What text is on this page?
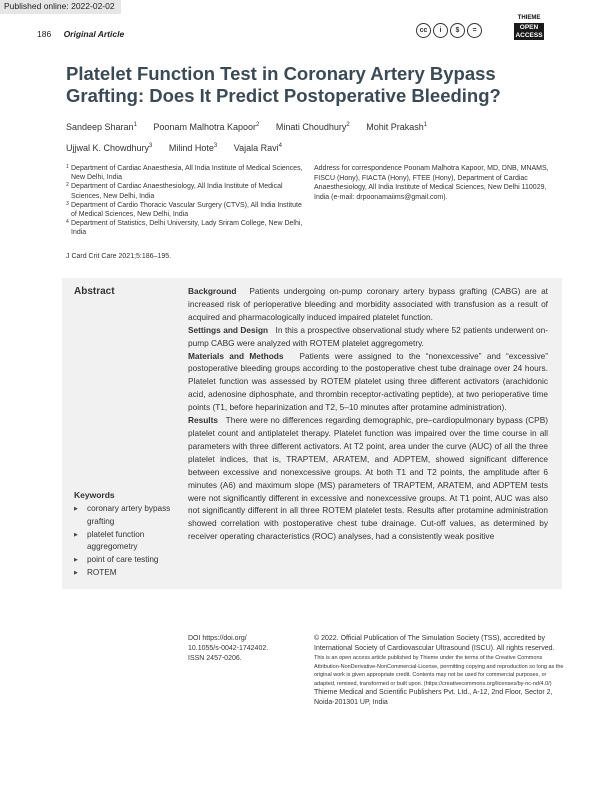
Published online: 2022-02-02
186 Original Article	cc	i	$	=
THIEME
OPEN
ACCESS
Platelet Function Test in Coronary Artery Bypass Grafting: Does It Predict Postoperative Bleeding?
Sandeep Sharan$^1$ Poonam Malhotra Kapoor$^2$ Minati Choudhury$^2$ Mohit Prakash$^1$
Ujjwal K. Chowdhury$^3$ Milind Hote$^3$ Vajala Ravi$^4$
1 Department of Cardiac Anaesthesia, All India Institute of Medical Sciences, New Delhi, India
2 Department of Cardiac Anaesthesiology, All India Institute of Medical Sciences, New Delhi, India
3 Department of Cardio Thoracic Vascular Surgery (CTVS), All India Institute of Medical Sciences, New Delhi, India
4 Department of Statistics, Delhi University, Lady Sriram College, New Delhi, India
Address for correspondence Poonam Malhotra Kapoor, MD, DNB, MNAMS, FISCU (Hony), FIACTA (Hony), FTEE (Hony), Department of Cardiac Anaesthesiology, All India Institute of Medical Sciences, New Delhi 110029, India (e-mail: drpoonamaiims@gmail.com).
J Card Crit Care 2021;5:186–195.
Abstract	Background Patients undergoing on-pump coronary artery bypass grafting (CABG) are at increased risk of perioperative bleeding and morbidity associated with transfusion as a result of acquired and pharmacologically induced impaired platelet function.

Settings and Design In this a prospective observational study where 52 patients underwent on-pump CABG were analyzed with ROTEM platelet aggregometry.

Materials and Methods Patients were assigned to the “nonexcessive” and “excessive” postoperative bleeding groups according to the postoperative chest tube drainage over 24 hours. Platelet function was assessed by ROTEM platelet using three different activators (arachidonic acid, adenosine diphosphate, and thrombin receptor-activating peptide), at two perioperative time points (T1, before heparinization and T2, 5–10 minutes after protamine administration).

Results There were no differences regarding demographic, pre–cardiopulmonary bypass (CPB) platelet count and antiplatelet therapy. Platelet function was impaired over the time course in all parameters with three different activators. At T2 point, area under the curve (AUC) of all the three platelet indices, that is, TRAPTEM, ARATEM, and ADPTEM, showed significant difference between excessive and nonexcessive groups. At both T1 and T2 points, the amplitude after 6 minutes (A6) and maximum slope (MS) parameters of TRAPTEM, ARATEM, and ADPTEM tests were not significantly different in excessive and nonexcessive groups. At T1 point, AUC was also not significantly different in all three ROTEM platelet tests. Results after protamine administration showed correlation with postoperative chest tube drainage. Cut-off values, as determined by receiver operating characteristics (ROC) analyses, had a consistently weak positive

Keywords
▶ coronary artery bypass grafting
▶ platelet function aggregometry
▶ point of care testing
▶ ROTEM
DOI https://doi.org/
10.1055/s-0042-1742402.
ISSN 2457-0206.
© 2022. Official Publication of The Simulation Society (TSS), accredited by International Society of Cardiovascular Ultrasound (ISCU). All rights reserved.
This is an open access article published by Thieme under the terms of the Creative Commons Attribution-NonDerivative-NonCommercial-License, permitting copying and reproduction so long as the original work is given appropriate credit. Contents may not be used for commercial purposes, or adapted, remixed, transformed or built upon. (https://creativecommons.org/licenses/by-nc-nd/4.0/)
Thieme Medical and Scientific Publishers Pvt. Ltd., A-12, 2nd Floor, Sector 2, Noida-201301 UP, India
